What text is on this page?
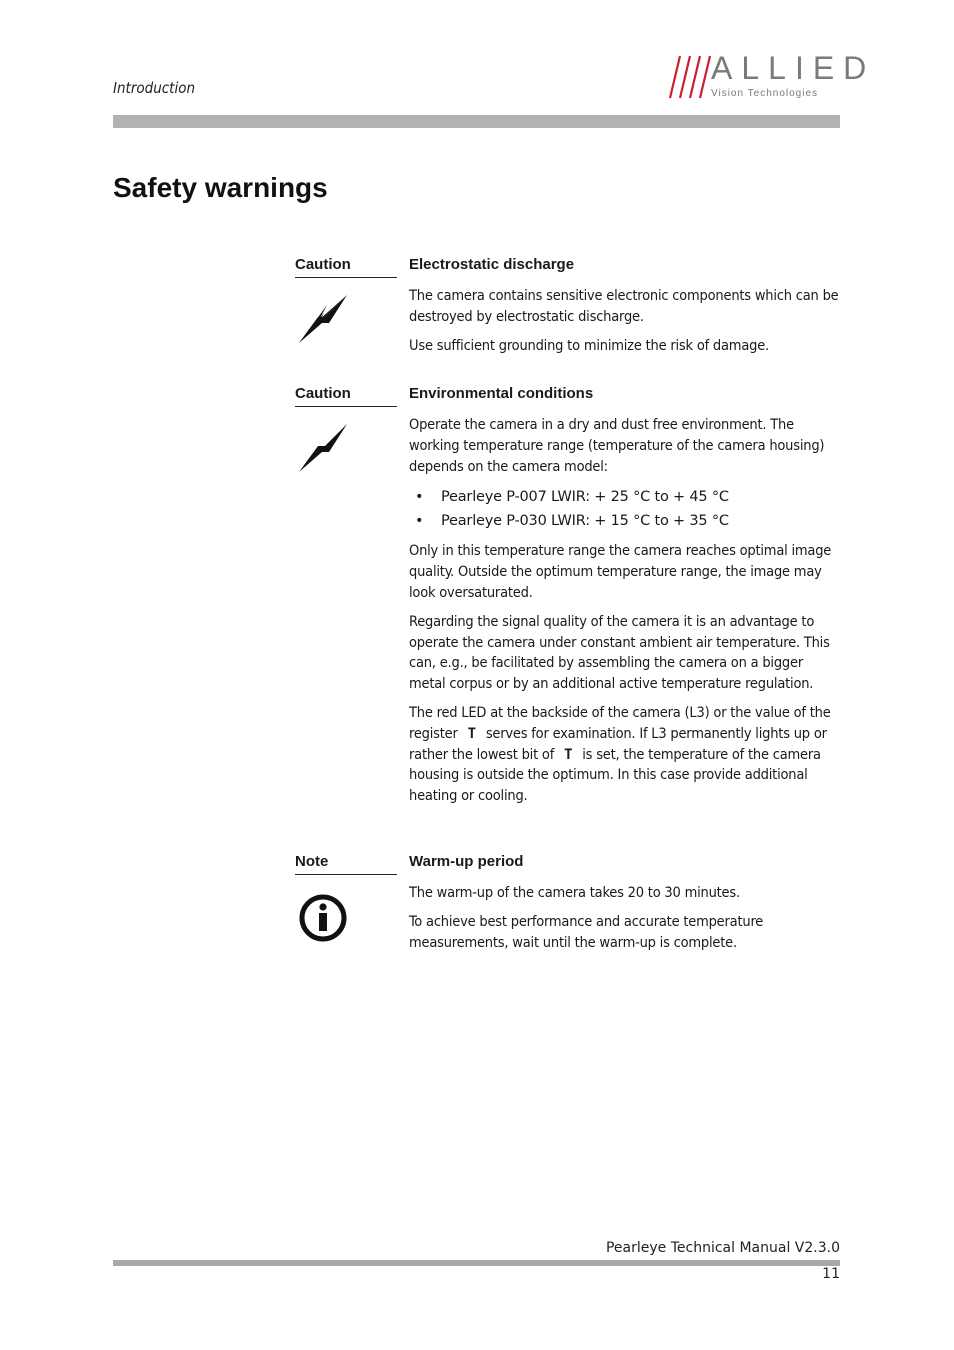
Introduction
ALLIED
Vision Technologies
Safety warnings
Caution	Electrostatic discharge

The camera contains sensitive electronic components which can be destroyed by electrostatic discharge.

Use sufficient grounding to minimize the risk of damage.

Caution	Environmental conditions

Operate the camera in a dry and dust free environment. The working temperature range (temperature of the camera housing) depends on the camera model:

• Pearleye P-007 LWIR: + 25 °C to + 45 °C
• Pearleye P-030 LWIR: + 15 °C to + 35 °C

Only in this temperature range the camera reaches optimal image quality. Outside the optimum temperature range, the image may look oversaturated.

Regarding the signal quality of the camera it is an advantage to operate the camera under constant ambient air temperature. This can, e.g., be facilitated by assembling the camera on a bigger metal corpus or by an additional active temperature regulation.

The red LED at the backside of the camera (L3) or the value of the register T serves for examination. If L3 permanently lights up or rather the lowest bit of T is set, the temperature of the camera housing is outside the optimum. In this case provide additional heating or cooling.

Note	Warm-up period

The warm-up of the camera takes 20 to 30 minutes.

To achieve best performance and accurate temperature measurements, wait until the warm-up is complete.

Pearleye Technical Manual V2.3.0
11
